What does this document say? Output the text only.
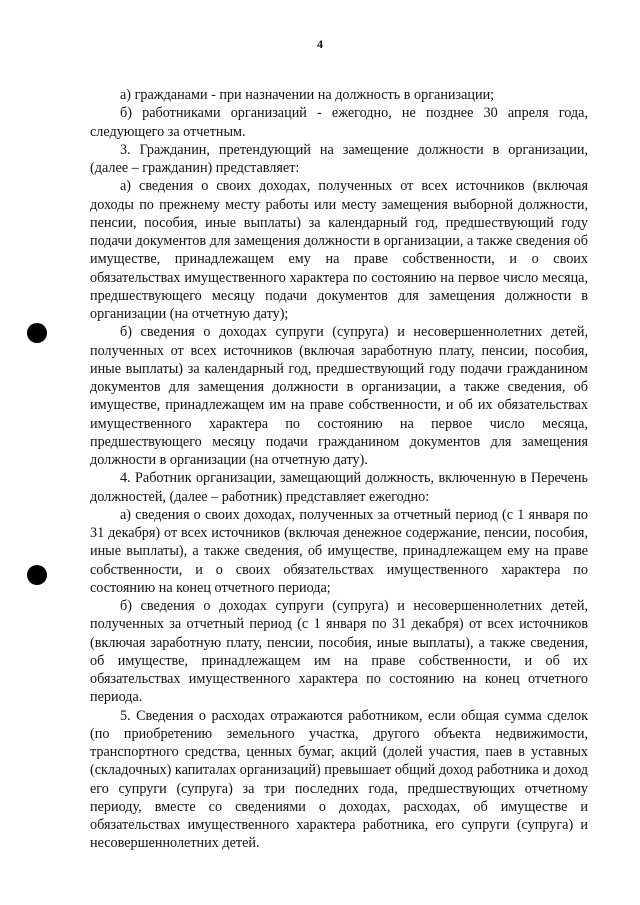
4

а) гражданами - при назначении на должность в организации;

б) работниками организаций - ежегодно, не позднее 30 апреля года, следующего за отчетным.

3. Гражданин, претендующий на замещение должности в организации, (далее – гражданин) представляет:

а) сведения о своих доходах, полученных от всех источников (включая доходы по прежнему месту работы или месту замещения выборной должности, пенсии, пособия, иные выплаты) за календарный год, предшествующий году подачи документов для замещения должности в организации, а также сведения об имуществе, принадлежащем ему на праве собственности, и о своих обязательствах имущественного характера по состоянию на первое число месяца, предшествующего месяцу подачи документов для замещения должности в организации (на отчетную дату);

б) сведения о доходах супруги (супруга) и несовершеннолетних детей, полученных от всех источников (включая заработную плату, пенсии, пособия, иные выплаты) за календарный год, предшествующий году подачи гражданином документов для замещения должности в организации, а также сведения, об имуществе, принадлежащем им на праве собственности, и об их обязательствах имущественного характера по состоянию на первое число месяца, предшествующего месяцу подачи гражданином документов для замещения должности в организации (на отчетную дату).

4. Работник организации, замещающий должность, включенную в Перечень должностей, (далее – работник) представляет ежегодно:

а) сведения о своих доходах, полученных за отчетный период (с 1 января по 31 декабря) от всех источников (включая денежное содержание, пенсии, пособия, иные выплаты), а также сведения, об имуществе, принадлежащем ему на праве собственности, и о своих обязательствах имущественного характера по состоянию на конец отчетного периода;

б) сведения о доходах супруги (супруга) и несовершеннолетних детей, полученных за отчетный период (с 1 января по 31 декабря) от всех источников (включая заработную плату, пенсии, пособия, иные выплаты), а также сведения, об имуществе, принадлежащем им на праве собственности, и об их обязательствах имущественного характера по состоянию на конец отчетного периода.

5. Сведения о расходах отражаются работником, если общая сумма сделок (по приобретению земельного участка, другого объекта недвижимости, транспортного средства, ценных бумаг, акций (долей участия, паев в уставных (складочных) капиталах организаций) превышает общий доход работника и доход его супруги (супруга) за три последних года, предшествующих отчетному периоду, вместе со сведениями о доходах, расходах, об имуществе и обязательствах имущественного характера работника, его супруги (супруга) и несовершеннолетних детей.
